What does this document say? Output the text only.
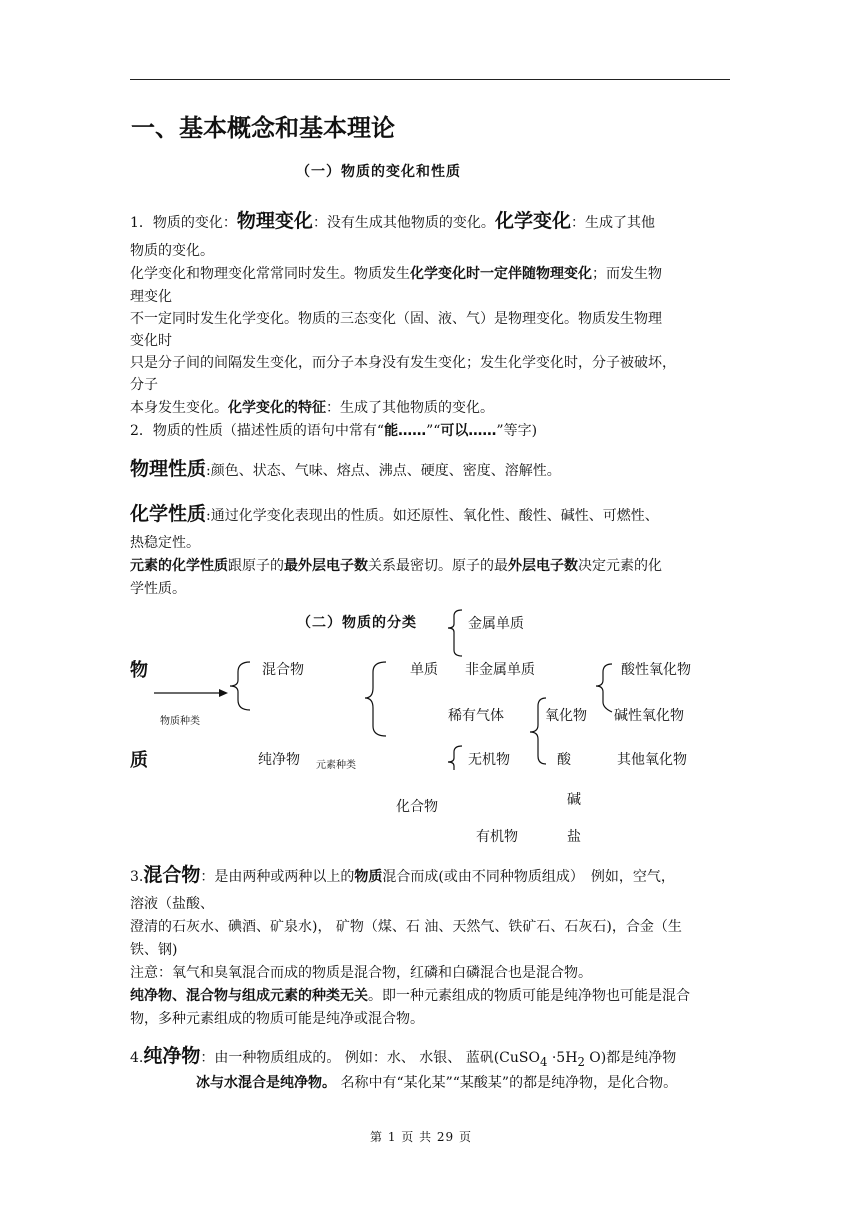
一、基本概念和基本理论
（一）物质的变化和性质
1．物质的变化：物理变化：没有生成其他物质的变化。化学变化：生成了其他
物质的变化。
化学变化和物理变化常常同时发生。物质发生化学变化时一定伴随物理变化；而发生物
理变化
不一定同时发生化学变化。物质的三态变化（固、液、气）是物理变化。物质发生物理
变化时
只是分子间的间隔发生变化，而分子本身没有发生变化；发生化学变化时，分子被破坏，
分子
本身发生变化。化学变化的特征：生成了其他物质的变化。
2．物质的性质（描述性质的语句中常有“能……”“可以……”等字)
物理性质:颜色、状态、气味、熔点、沸点、硬度、密度、溶解性。
化学性质:通过化学变化表现出的性质。如还原性、氧化性、酸性、碱性、可燃性、
热稳定性。
元素的化学性质跟原子的最外层电子数关系最密切。原子的最外层电子数决定元素的化
学性质。
（二）物质的分类
物
质
物质种类
混合物
纯净物 元素种类
单质
化合物
金属单质
非金属单质
稀有气体
无机物
有机物
氧化物
酸
碱
盐
酸性氧化物
碱性氧化物
其他氧化物
3.混合物：是由两种或两种以上的物质混合而成(或由不同种物质组成）　例如，空气，
溶液（盐酸、
澄清的石灰水、碘酒、矿泉水)， 矿物（煤、石 油、天然气、铁矿石、石灰石)，合金（生
铁、钢)
注意：氧气和臭氧混合而成的物质是混合物，红磷和白磷混合也是混合物。
纯净物、混合物与组成元素的种类无关。即一种元素组成的物质可能是纯净物也可能是混合
物，多种元素组成的物质可能是纯净或混合物。
4.纯净物：由一种物质组成的。 例如：水、 水银、 蓝矾(CuSO$_4$ $\cdot 5H_2$ O)都是纯净物
冰与水混合是纯净物。 名称中有“某化某”“某酸某”的都是纯净物，是化合物。
第 1 页 共 29 页
